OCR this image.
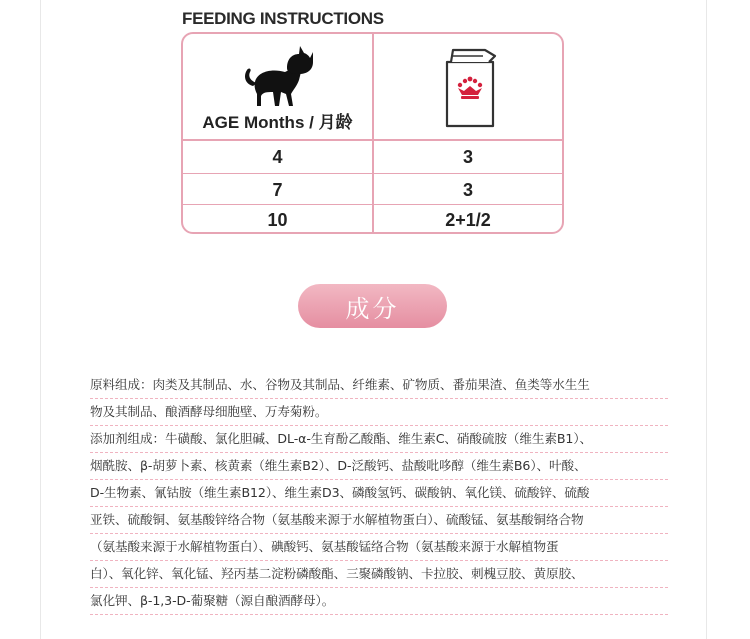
FEEDING INSTRUCTIONS
AGE Months / 月龄
4	3
7	3
10	2+1/2
成分
原料组成：肉类及其制品、水、谷物及其制品、纤维素、矿物质、番茄果渣、鱼类等水生生
物及其制品、酿酒酵母细胞壁、万寿菊粉。
添加剂组成：牛磺酸、氯化胆碱、DL-α-生育酚乙酸酯、维生素C、硝酸硫胺（维生素B1）、
烟酰胺、β-胡萝卜素、核黄素（维生素B2）、D-泛酸钙、盐酸吡哆醇（维生素B6）、叶酸、
D-生物素、氰钴胺（维生素B12）、维生素D3、磷酸氢钙、碳酸钠、氧化镁、硫酸锌、硫酸
亚铁、硫酸铜、氨基酸锌络合物（氨基酸来源于水解植物蛋白）、硫酸锰、氨基酸铜络合物
（氨基酸来源于水解植物蛋白）、碘酸钙、氨基酸锰络合物（氨基酸来源于水解植物蛋
白）、氧化锌、氧化锰、羟丙基二淀粉磷酸酯、三聚磷酸钠、卡拉胶、刺槐豆胶、黄原胶、
氯化钾、β-1,3-D-葡聚糖（源自酿酒酵母）。
